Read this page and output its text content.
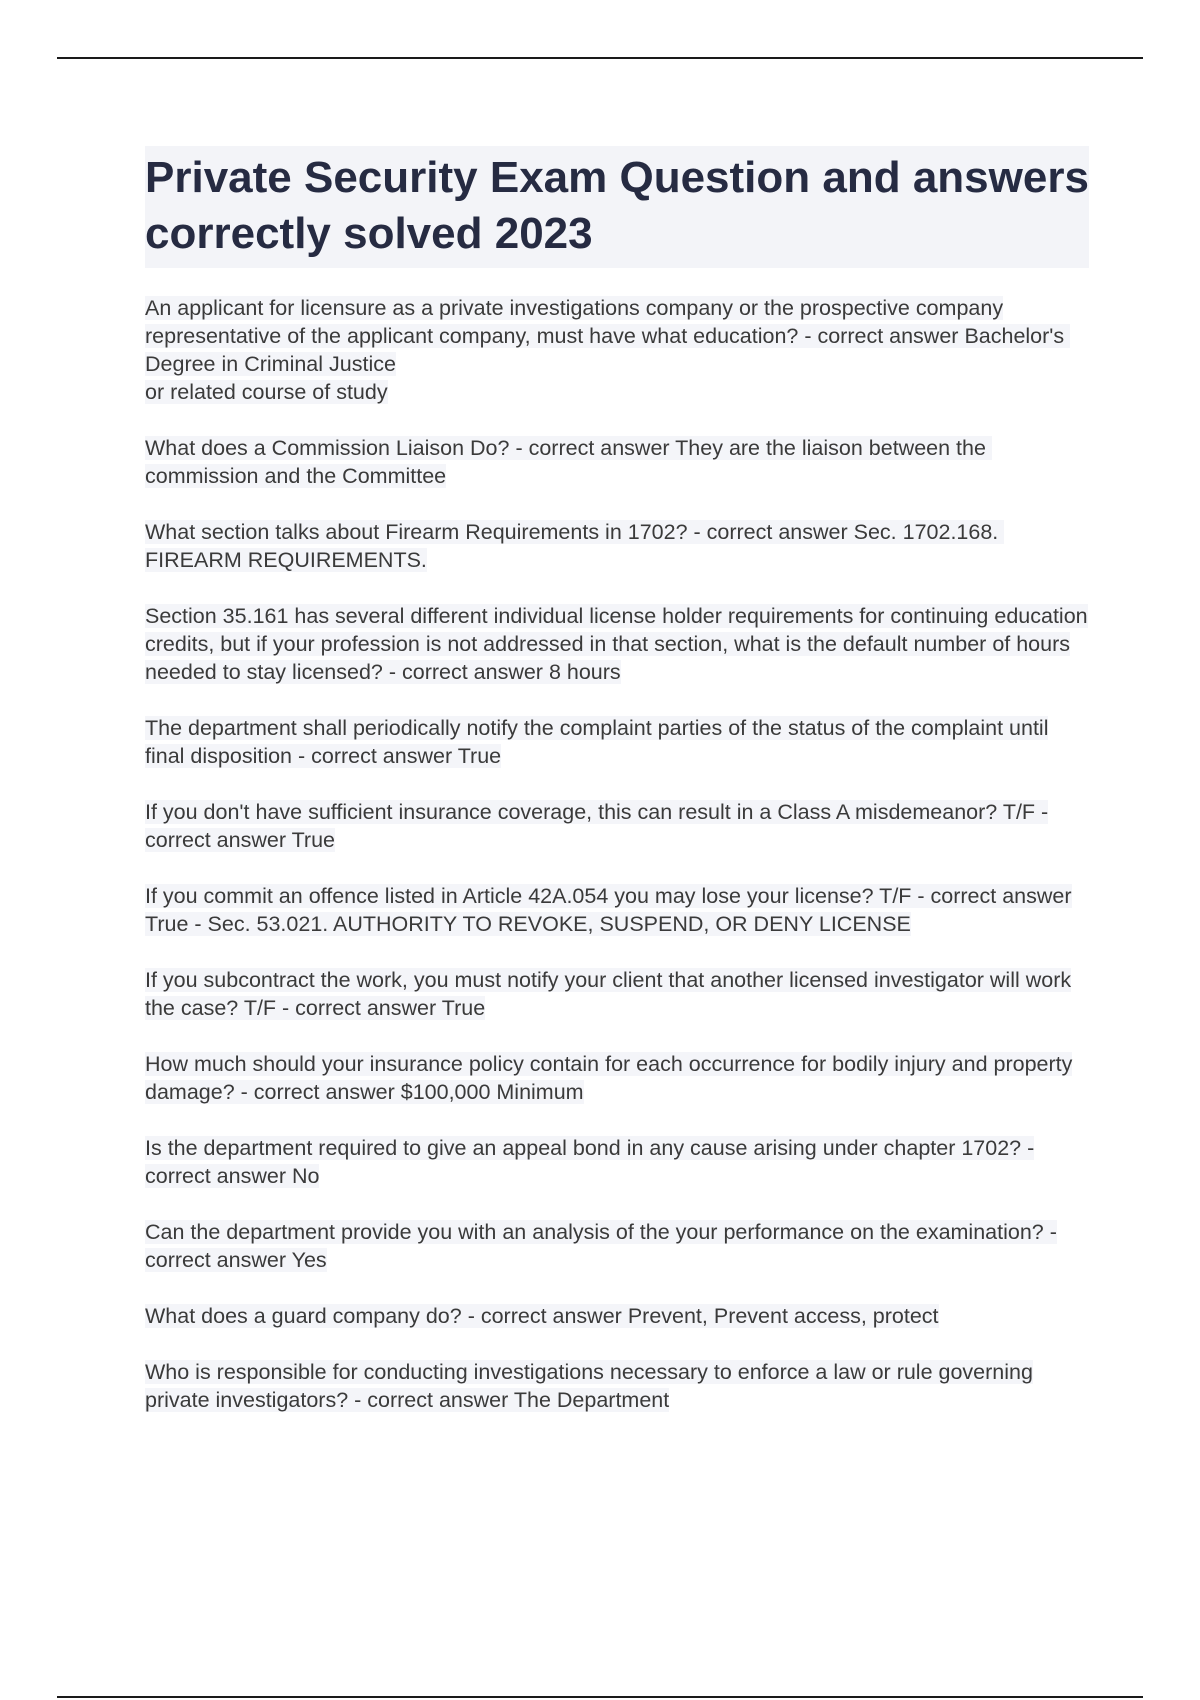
Private Security Exam Question and answers correctly solved 2023

An applicant for licensure as a private investigations company or the prospective company representative of the applicant company, must have what education? - correct answer Bachelor's Degree in Criminal Justice
or related course of study

What does a Commission Liaison Do? - correct answer They are the liaison between the commission and the Committee

What section talks about Firearm Requirements in 1702? - correct answer Sec. 1702.168. FIREARM REQUIREMENTS.

Section 35.161 has several different individual license holder requirements for continuing education credits, but if your profession is not addressed in that section, what is the default number of hours needed to stay licensed? - correct answer 8 hours

The department shall periodically notify the complaint parties of the status of the complaint until final disposition - correct answer True

If you don't have sufficient insurance coverage, this can result in a Class A misdemeanor? T/F - correct answer True

If you commit an offence listed in Article 42A.054 you may lose your license? T/F - correct answer True - Sec. 53.021. AUTHORITY TO REVOKE, SUSPEND, OR DENY LICENSE

If you subcontract the work, you must notify your client that another licensed investigator will work the case? T/F - correct answer True

How much should your insurance policy contain for each occurrence for bodily injury and property damage? - correct answer $100,000 Minimum

Is the department required to give an appeal bond in any cause arising under chapter 1702? - correct answer No

Can the department provide you with an analysis of the your performance on the examination? - correct answer Yes

What does a guard company do? - correct answer Prevent, Prevent access, protect

Who is responsible for conducting investigations necessary to enforce a law or rule governing private investigators? - correct answer The Department
